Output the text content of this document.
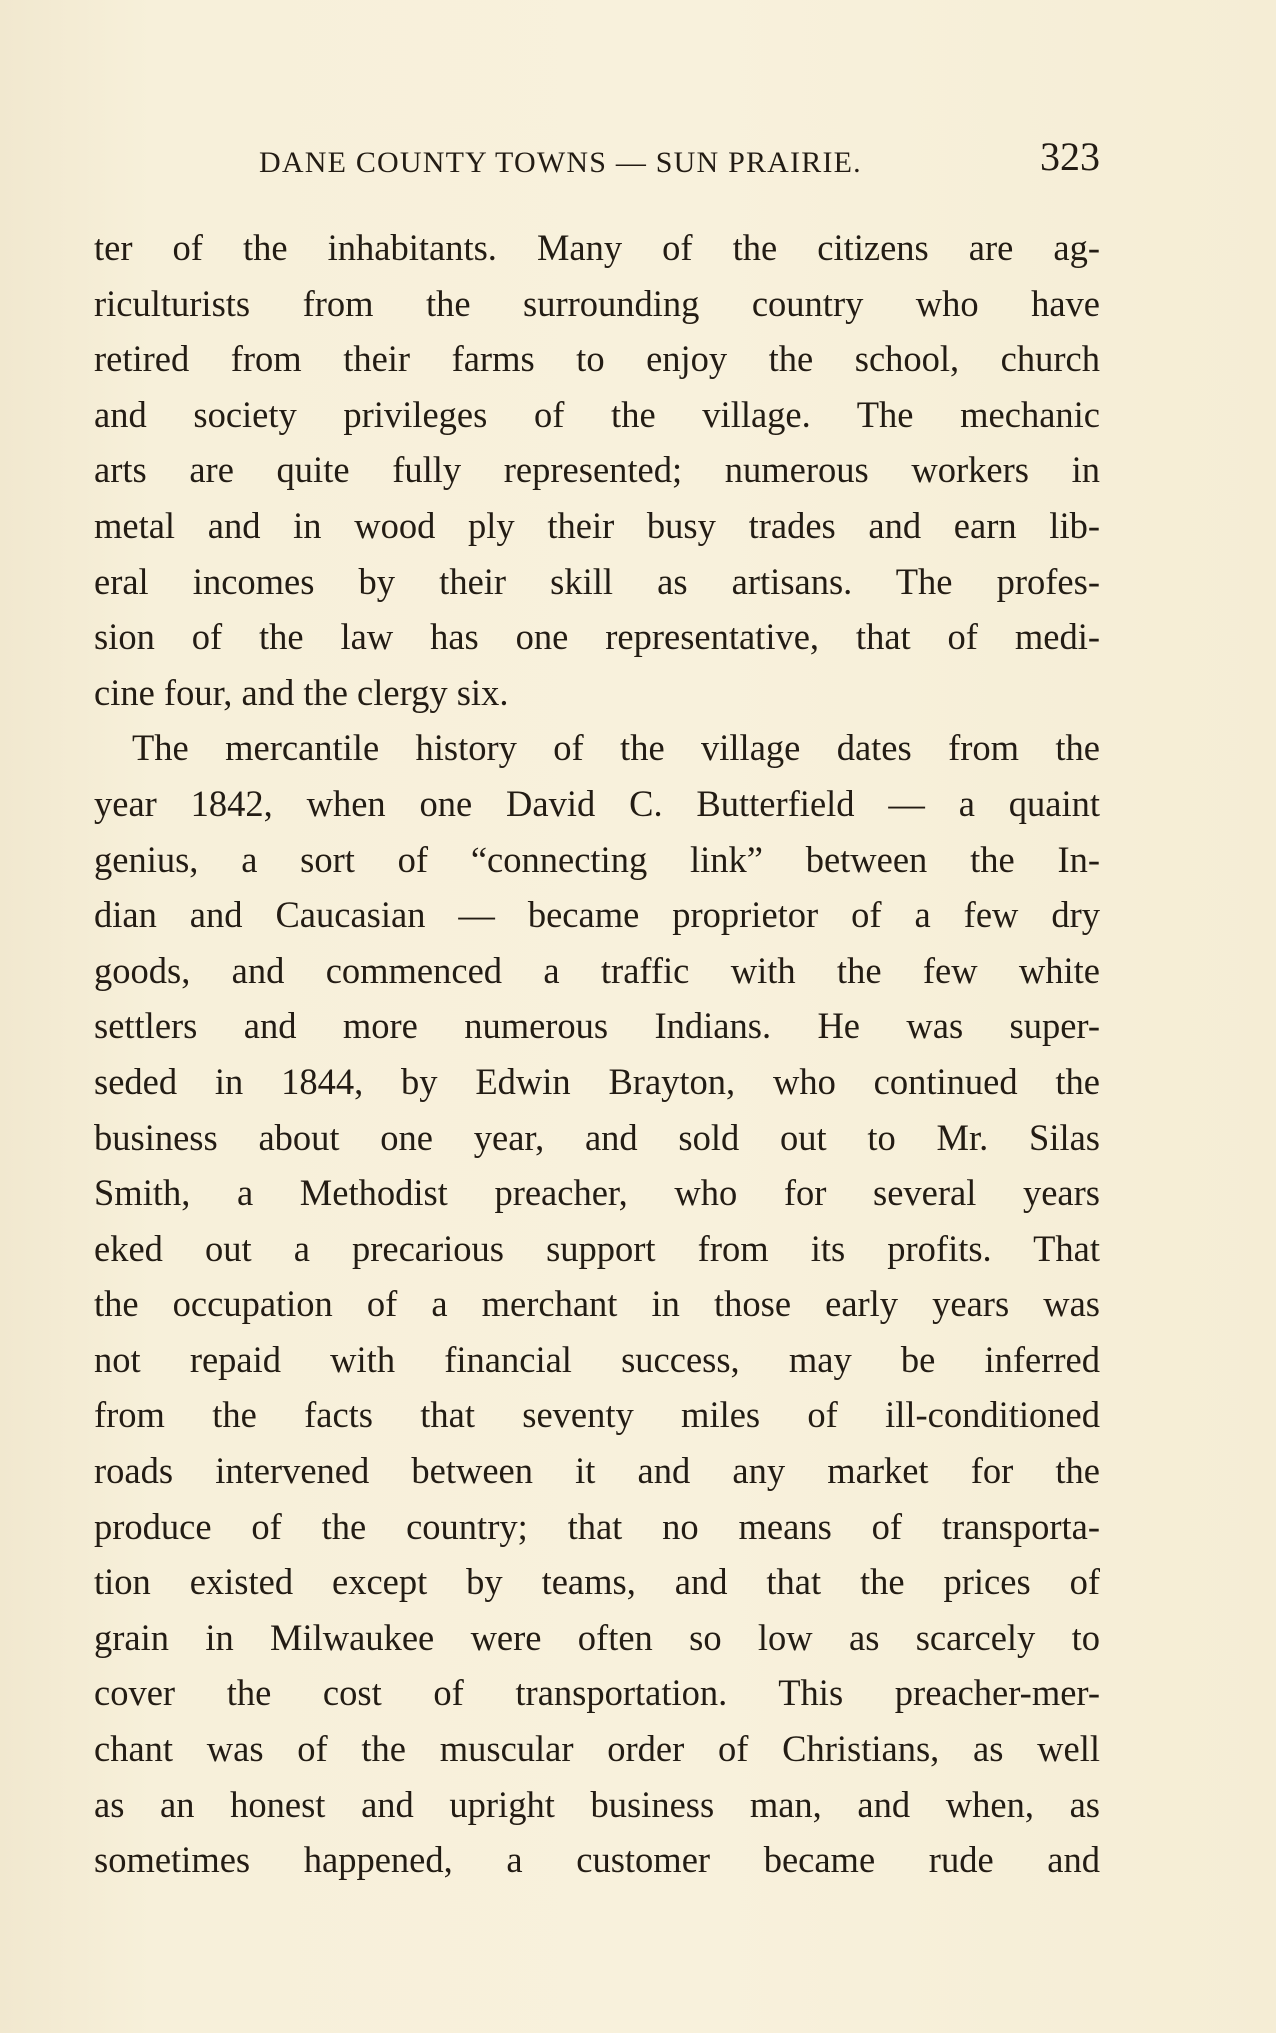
DANE COUNTY TOWNS — SUN PRAIRIE.	323
ter of the inhabitants. Many of the citizens are ag-
riculturists from the surrounding country who have
retired from their farms to enjoy the school, church
and society privileges of the village. The mechanic
arts are quite fully represented; numerous workers in
metal and in wood ply their busy trades and earn lib-
eral incomes by their skill as artisans. The profes-
sion of the law has one representative, that of medi-
cine four, and the clergy six.
The mercantile history of the village dates from the
year 1842, when one David C. Butterfield — a quaint
genius, a sort of “connecting link” between the In-
dian and Caucasian — became proprietor of a few dry
goods, and commenced a traffic with the few white
settlers and more numerous Indians. He was super-
seded in 1844, by Edwin Brayton, who continued the
business about one year, and sold out to Mr. Silas
Smith, a Methodist preacher, who for several years
eked out a precarious support from its profits. That
the occupation of a merchant in those early years was
not repaid with financial success, may be inferred
from the facts that seventy miles of ill-conditioned
roads intervened between it and any market for the
produce of the country; that no means of transporta-
tion existed except by teams, and that the prices of
grain in Milwaukee were often so low as scarcely to
cover the cost of transportation. This preacher-mer-
chant was of the muscular order of Christians, as well
as an honest and upright business man, and when, as
sometimes happened, a customer became rude and
